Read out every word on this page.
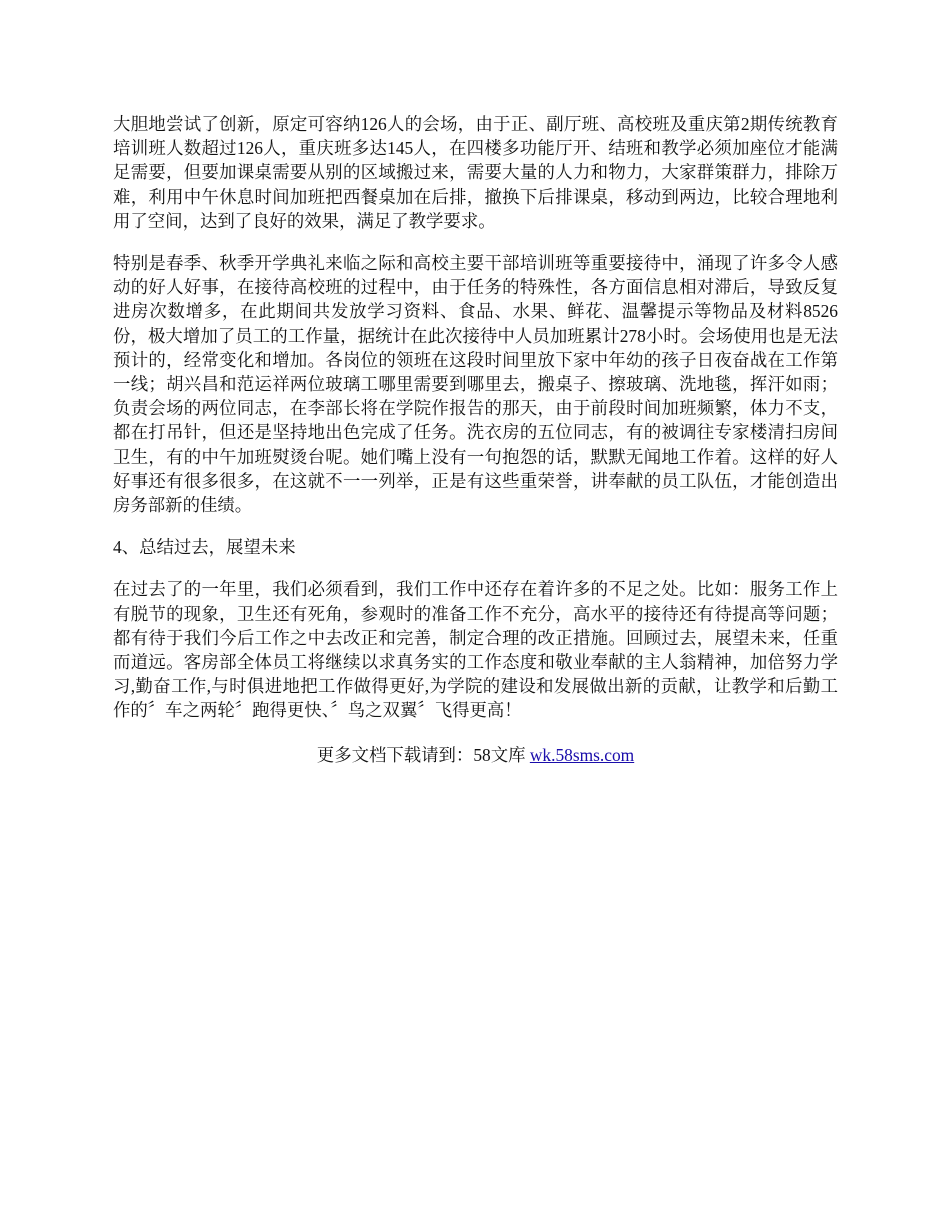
大胆地尝试了创新，原定可容纳126人的会场，由于正、副厅班、高校班及重庆第2期传统教育培训班人数超过126人，重庆班多达145人，在四楼多功能厅开、结班和教学必须加座位才能满足需要，但要加课桌需要从别的区域搬过来，需要大量的人力和物力，大家群策群力，排除万难，利用中午休息时间加班把西餐桌加在后排，撤换下后排课桌，移动到两边，比较合理地利用了空间，达到了良好的效果，满足了教学要求。

特别是春季、秋季开学典礼来临之际和高校主要干部培训班等重要接待中，涌现了许多令人感动的好人好事，在接待高校班的过程中，由于任务的特殊性，各方面信息相对滞后，导致反复进房次数增多，在此期间共发放学习资料、食品、水果、鲜花、温馨提示等物品及材料8526份，极大增加了员工的工作量，据统计在此次接待中人员加班累计278小时。会场使用也是无法预计的，经常变化和增加。各岗位的领班在这段时间里放下家中年幼的孩子日夜奋战在工作第一线；胡兴昌和范运祥两位玻璃工哪里需要到哪里去，搬桌子、擦玻璃、洗地毯，挥汗如雨；负责会场的两位同志，在李部长将在学院作报告的那天，由于前段时间加班频繁，体力不支，都在打吊针，但还是坚持地出色完成了任务。洗衣房的五位同志，有的被调往专家楼清扫房间卫生，有的中午加班熨烫台呢。她们嘴上没有一句抱怨的话，默默无闻地工作着。这样的好人好事还有很多很多，在这就不一一列举，正是有这些重荣誉，讲奉献的员工队伍，才能创造出房务部新的佳绩。

4、总结过去，展望未来

在过去了的一年里，我们必须看到，我们工作中还存在着许多的不足之处。比如：服务工作上有脱节的现象，卫生还有死角，参观时的准备工作不充分，高水平的接待还有待提高等问题；都有待于我们今后工作之中去改正和完善，制定合理的改正措施。回顾过去，展望未来，任重而道远。客房部全体员工将继续以求真务实的工作态度和敬业奉献的主人翁精神，加倍努力学习,勤奋工作,与时俱进地把工作做得更好,为学院的建设和发展做出新的贡献，让教学和后勤工作的〞车之两轮〞跑得更快、〞鸟之双翼〞飞得更高！

更多文档下载请到：58文库 wk.58sms.com
